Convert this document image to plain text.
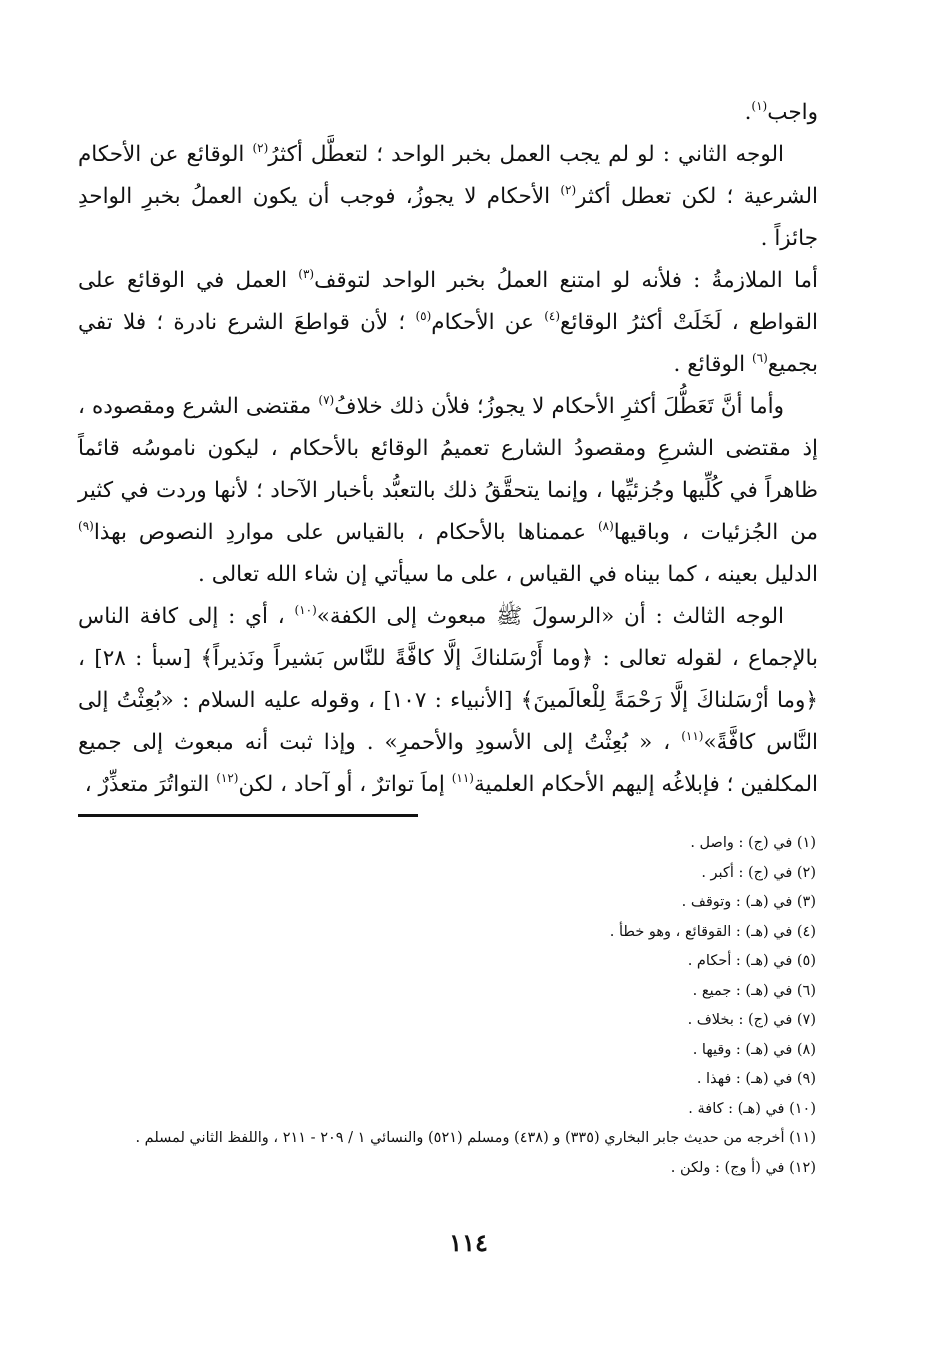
واجب$^{(١)}$.

الوجه الثاني : لو لم يجب العمل بخبر الواحد ؛ لتعطَّل أكثرُ$^{(٢)}$ الوقائع عن الأحكام الشرعية ؛ لكن تعطل أكثر$^{(٢)}$ الأحكام لا يجوزُ، فوجب أن يكون العملُ بخبرِ الواحدِ جائزاً .

أما الملازمةُ : فلأنه لو امتنع العملُ بخبر الواحد لتوقف$^{(٣)}$ العمل في الوقائع على القواطع ، لَخَلَتْ أكثرُ الوقائع$^{(٤)}$ عن الأحكام$^{(٥)}$ ؛ لأن قواطعَ الشرع نادرة ؛ فلا تفي بجميع$^{(٦)}$ الوقائع .

وأما أنَّ تَعَطُّلَ أكثرِ الأحكام لا يجوزُ؛ فلأن ذلك خلافُ$^{(٧)}$ مقتضى الشرع ومقصوده ، إذ مقتضى الشرعِ ومقصودُ الشارع تعميمُ الوقائع بالأحكام ، ليكون ناموسُه قائماً ظاهراً في كُلِّيها وجُزئيِّها ، وإنما يتحقَّقُ ذلك بالتعبُّد بأخبار الآحاد ؛ لأنها وردت في كثير من الجُزئيات ، وباقيها$^{(٨)}$ عممناها بالأحكام ، بالقياس على مواردِ النصوص بهذا$^{(٩)}$ الدليل بعينه ، كما بيناه في القياس ، على ما سيأتي إن شاء الله تعالى .

الوجه الثالث : أن «الرسولَ ﷺ مبعوث إلى الكفة»$^{(١٠)}$ ، أي : إلى كافة الناس بالإجماع ، لقوله تعالى : ﴿وما أَرْسَلناكَ إلَّا كافَّةً للنَّاس بَشيراً ونَذيراً﴾ [سبأ : ٢٨] ، ﴿وما أرْسَلناكَ إلَّا رَحْمَةً لِلْعالَمينَ﴾ [الأنبياء : ١٠٧] ، وقوله عليه السلام : «بُعِثْتُ إلى النَّاس كافَّةً»$^{(١١)}$ ، « بُعِثْتُ إلى الأسودِ والأحمرِ» . وإذا ثبت أنه مبعوث إلى جميع المكلفين ؛ فإبلاغُه إليهم الأحكام العلمية$^{(١١)}$ إماَ تواترٌ ، أو آحاد ، لكن$^{(١٢)}$ التواتُرَ متعذِّرٌ ،

(١) في (ج) : واصل .
(٢) في (ج) : أكبر .
(٣) في (هـ) : وتوقف .
(٤) في (هـ) : القوقائع ، وهو خطأ .
(٥) في (هـ) : أحكام .
(٦) في (هـ) : جميع .
(٧) في (ج) : بخلاف .
(٨) في (هـ) : وقيها .
(٩) في (هـ) : فهذا .
(١٠) في (هـ) : كافة .
(١١) أخرجه من حديث جابر البخاري (٣٣٥) و (٤٣٨) ومسلم (٥٢١) والنسائي ١ / ٢٠٩ - ٢١١ ، واللفظ الثاني لمسلم .
(١٢) في (أ وج) : ولكن .
١١٤
